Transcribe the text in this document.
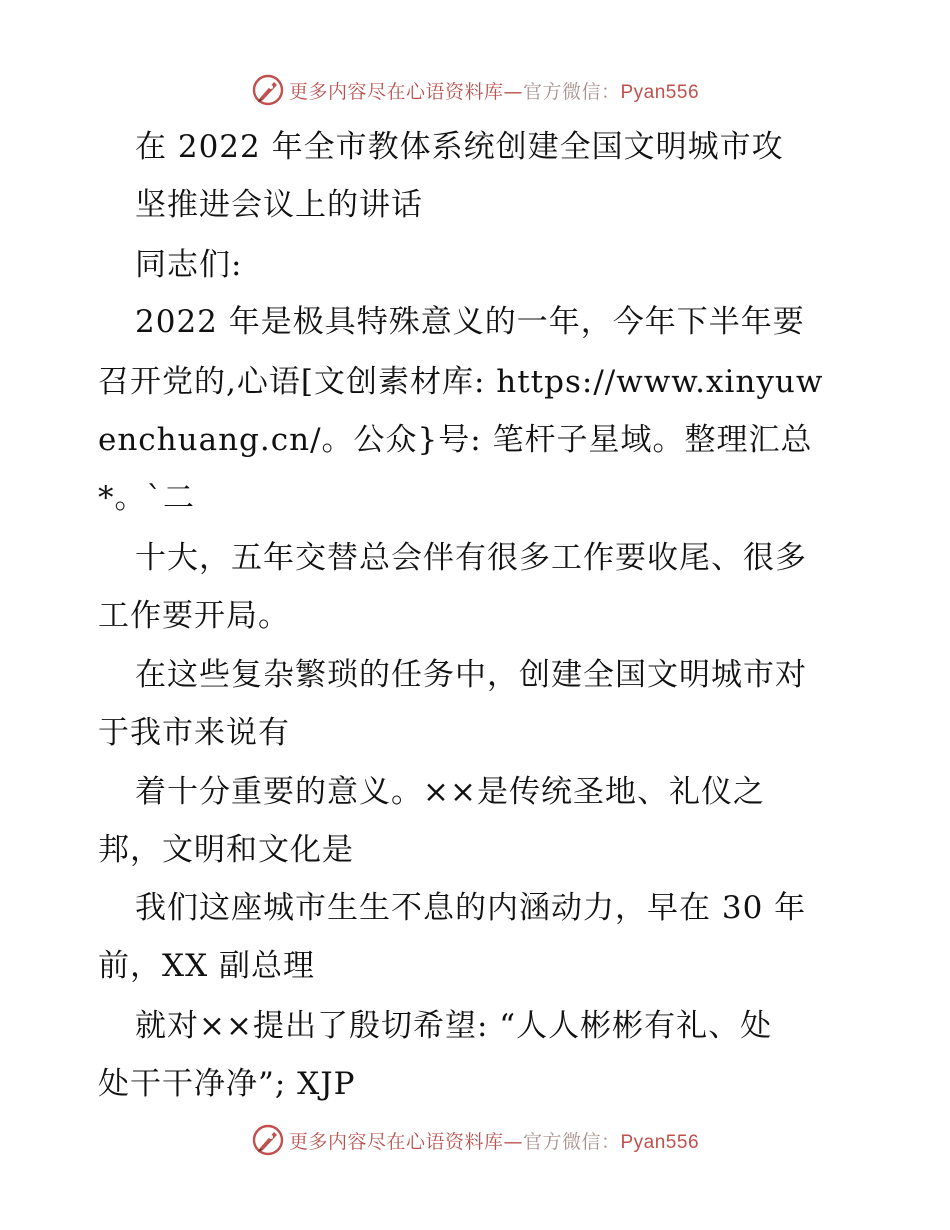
更多内容尽在心语资料库—官方微信：Pyan556
在 2022 年全市教体系统创建全国文明城市攻
坚推进会议上的讲话
同志们:
2022 年是极具特殊意义的一年，今年下半年要
召开党的,心语[文创素材库: https://www.xinyuw
enchuang.cn/。公众}号: 笔杆子星域。整理汇总
*。`二
十大，五年交替总会伴有很多工作要收尾、很多
工作要开局。
在这些复杂繁琐的任务中，创建全国文明城市对
于我市来说有
着十分重要的意义。××是传统圣地、礼仪之
邦，文明和文化是
我们这座城市生生不息的内涵动力，早在 30 年
前，XX 副总理
就对××提出了殷切希望: “人人彬彬有礼、处
处干干净净”; XJP
更多内容尽在心语资料库—官方微信：Pyan556
